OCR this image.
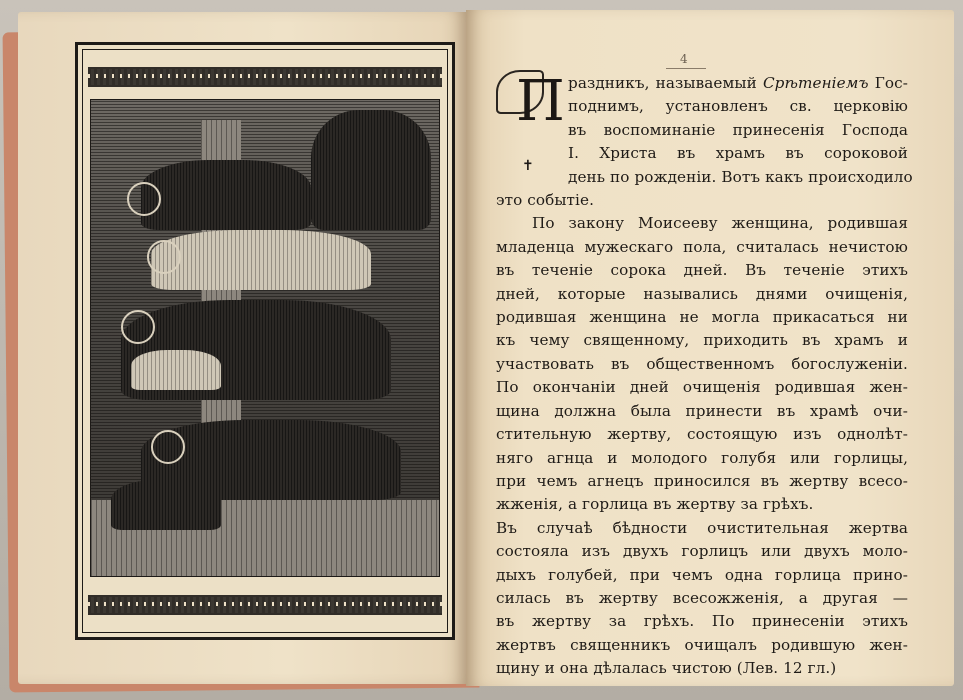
4
П
✝
раздникъ, называемый Срѣтеніемъ Гос-
поднимъ, установленъ св. церковію
въ воспоминаніе принесенія Господа
І. Христа въ храмъ въ сороковой
день по рожденіи. Вотъ какъ происходило
это событіе.
По закону Моисееву женщина, родившая
младенца мужескаго пола, считалась нечистою
въ теченіе сорока дней. Въ теченіе этихъ
дней, которые назывались днями очищенія,
родившая женщина не могла прикасаться ни
къ чему священному, приходить въ храмъ и
участвовать въ общественномъ богослуженіи.
По окончаніи дней очищенія родившая жен-
щина должна была принести въ храмѣ очи-
стительную жертву, состоящую изъ однолѣт-
няго агнца и молодого голубя или горлицы,
при чемъ агнецъ приносился въ жертву всесо-
жженія, а горлица въ жертву за грѣхъ.
Въ случаѣ бѣдности очистительная жертва
состояла изъ двухъ горлицъ или двухъ моло-
дыхъ голубей, при чемъ одна горлица прино-
силась въ жертву всесожженія, а другая —
въ жертву за грѣхъ. По принесеніи этихъ
жертвъ священникъ очищалъ родившую жен-
щину и она дѣлалась чистою (Лев. 12 гл.)
